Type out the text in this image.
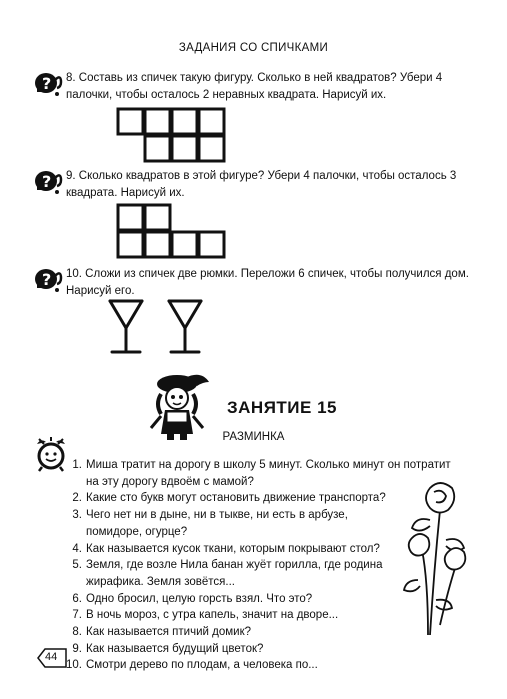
ЗАДАНИЯ СО СПИЧКАМИ
? 8. Составь из спичек такую фигуру. Сколько в ней квадратов? Убери 4 палочки, чтобы осталось 2 неравных квадрата. Нарисуй их.
? 9. Сколько квадратов в этой фигуре? Убери 4 палочки, чтобы осталось 3 квадрата. Нарисуй их.
? 10. Сложи из спичек две рюмки. Переложи 6 спичек, чтобы получился дом. Нарисуй его.
ЗАНЯТИЕ 15
РАЗМИНКА
1. Миша тратит на дорогу в школу 5 минут. Сколько минут он потратит на эту дорогу вдвоём с мамой?
2. Какие сто букв могут остановить движение транспорта?
3. Чего нет ни в дыне, ни в тыкве, ни есть в арбузе, помидоре, огурце?
4. Как называется кусок ткани, которым покрывают стол?
5. Земля, где возле Нила банан жуёт горилла, где родина жирафика. Земля зовётся...
6. Одно бросил, целую горсть взял. Что это?
7. В ночь мороз, с утра капель, значит на дворе...
8. Как называется птичий домик?
9. Как называется будущий цветок?
10. Смотри дерево по плодам, а человека по...
44
